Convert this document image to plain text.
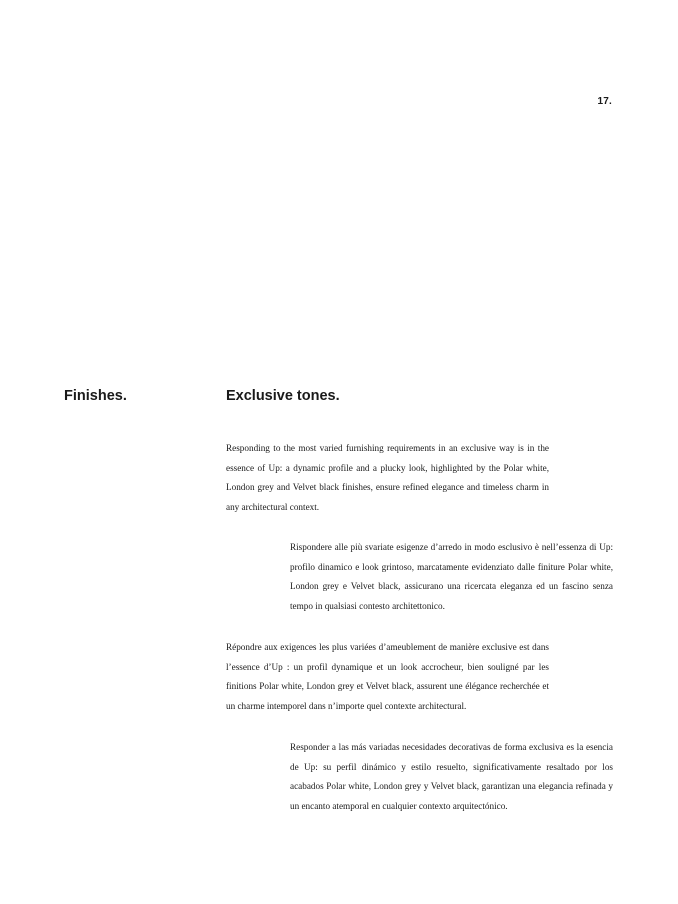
17.
Finishes.	Exclusive tones.

Responding to the most varied furnishing requirements in an exclusive way is in the essence of Up: a dynamic profile and a plucky look, highlighted by the Polar white, London grey and Velvet black finishes, ensure refined elegance and timeless charm in any architectural context.

Rispondere alle più svariate esigenze d’arredo in modo esclusivo è nell’essenza di Up: profilo dinamico e look grintoso, marcatamente evidenziato dalle finiture Polar white, London grey e Velvet black, assicurano una ricercata eleganza ed un fascino senza tempo in qualsiasi contesto architettonico.

Répondre aux exigences les plus variées d’ameublement de manière exclusive est dans l’essence d’Up : un profil dynamique et un look accrocheur, bien souligné par les finitions Polar white, London grey et Velvet black, assurent une élégance recherchée et un charme intemporel dans n’importe quel contexte architectural.

Responder a las más variadas necesidades decorativas de forma exclusiva es la esencia de Up: su perfil dinámico y estilo resuelto, significativamente resaltado por los acabados Polar white, London grey y Velvet black, garantizan una elegancia refinada y un encanto atemporal en cualquier contexto arquitectónico.
